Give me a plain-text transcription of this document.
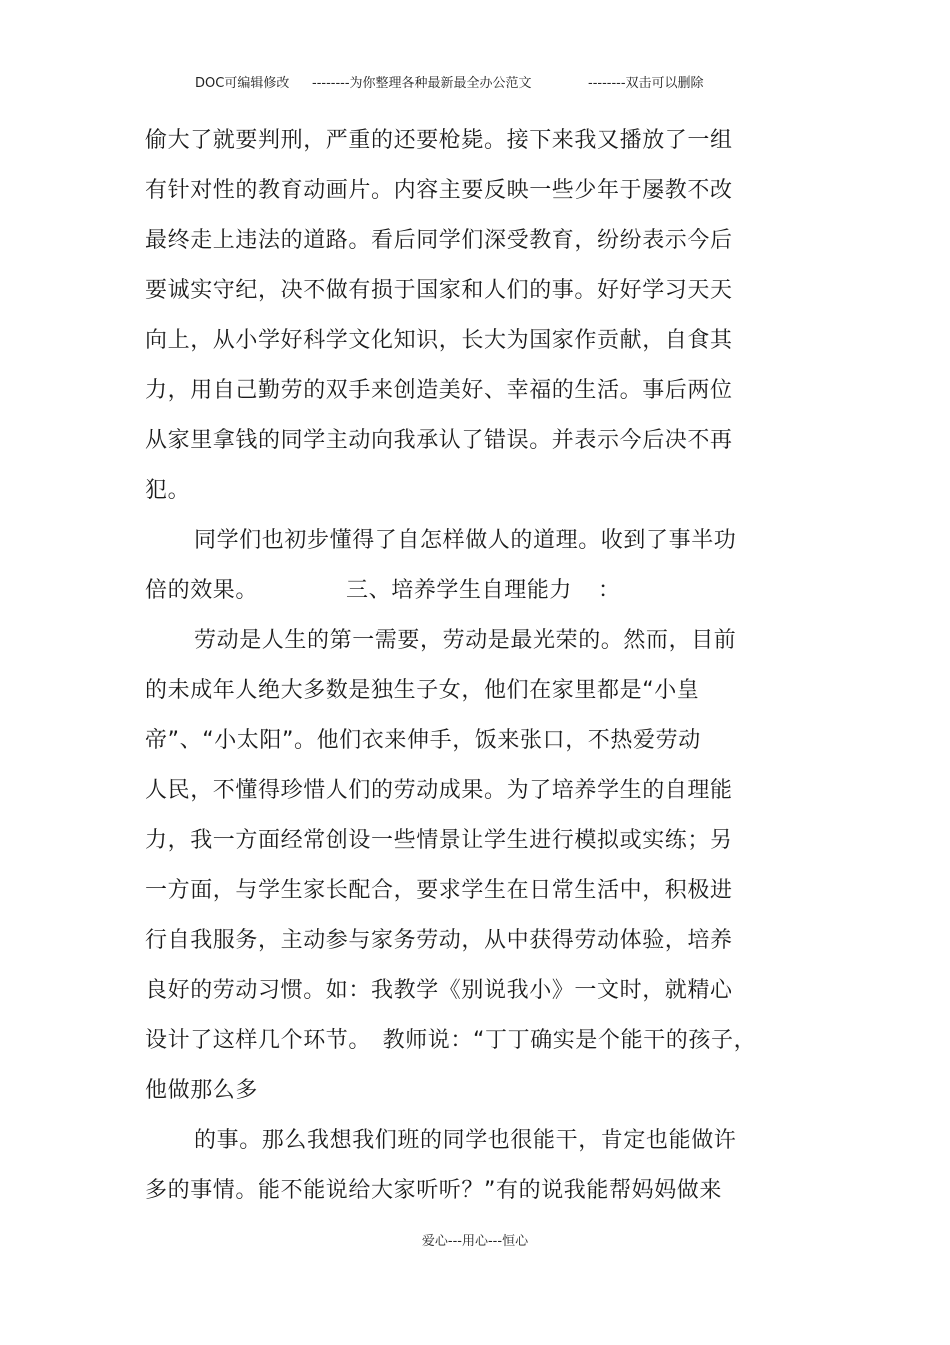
DOC可编辑修改 --------为你整理各种最新最全办公范文	--------双击可以删除
偷大了就要判刑，严重的还要枪毙。接下来我又播放了一组
有针对性的教育动画片。内容主要反映一些少年于屡教不改
最终走上违法的道路。看后同学们深受教育，纷纷表示今后
要诚实守纪，决不做有损于国家和人们的事。好好学习天天
向上，从小学好科学文化知识，长大为国家作贡献，自食其
力，用自己勤劳的双手来创造美好、幸福的生活。事后两位
从家里拿钱的同学主动向我承认了错误。并表示今后决不再
犯。
同学们也初步懂得了自怎样做人的道理。收到了事半功
倍的效果。	三、培养学生自理能力 ：
劳动是人生的第一需要，劳动是最光荣的。然而，目前
的未成年人绝大多数是独生子女，他们在家里都是“小皇
帝”、“小太阳”。他们衣来伸手，饭来张口，不热爱劳动
人民，不懂得珍惜人们的劳动成果。为了培养学生的自理能
力，我一方面经常创设一些情景让学生进行模拟或实练；另
一方面，与学生家长配合，要求学生在日常生活中，积极进
行自我服务，主动参与家务劳动，从中获得劳动体验，培养
良好的劳动习惯。如：我教学《别说我小》一文时，就精心
设计了这样几个环节。　教师说：“丁丁确实是个能干的孩子，
他做那么多
的事。那么我想我们班的同学也很能干，肯定也能做许
多的事情。能不能说给大家听听？”有的说我能帮妈妈做来
爱心---用心---恒心
